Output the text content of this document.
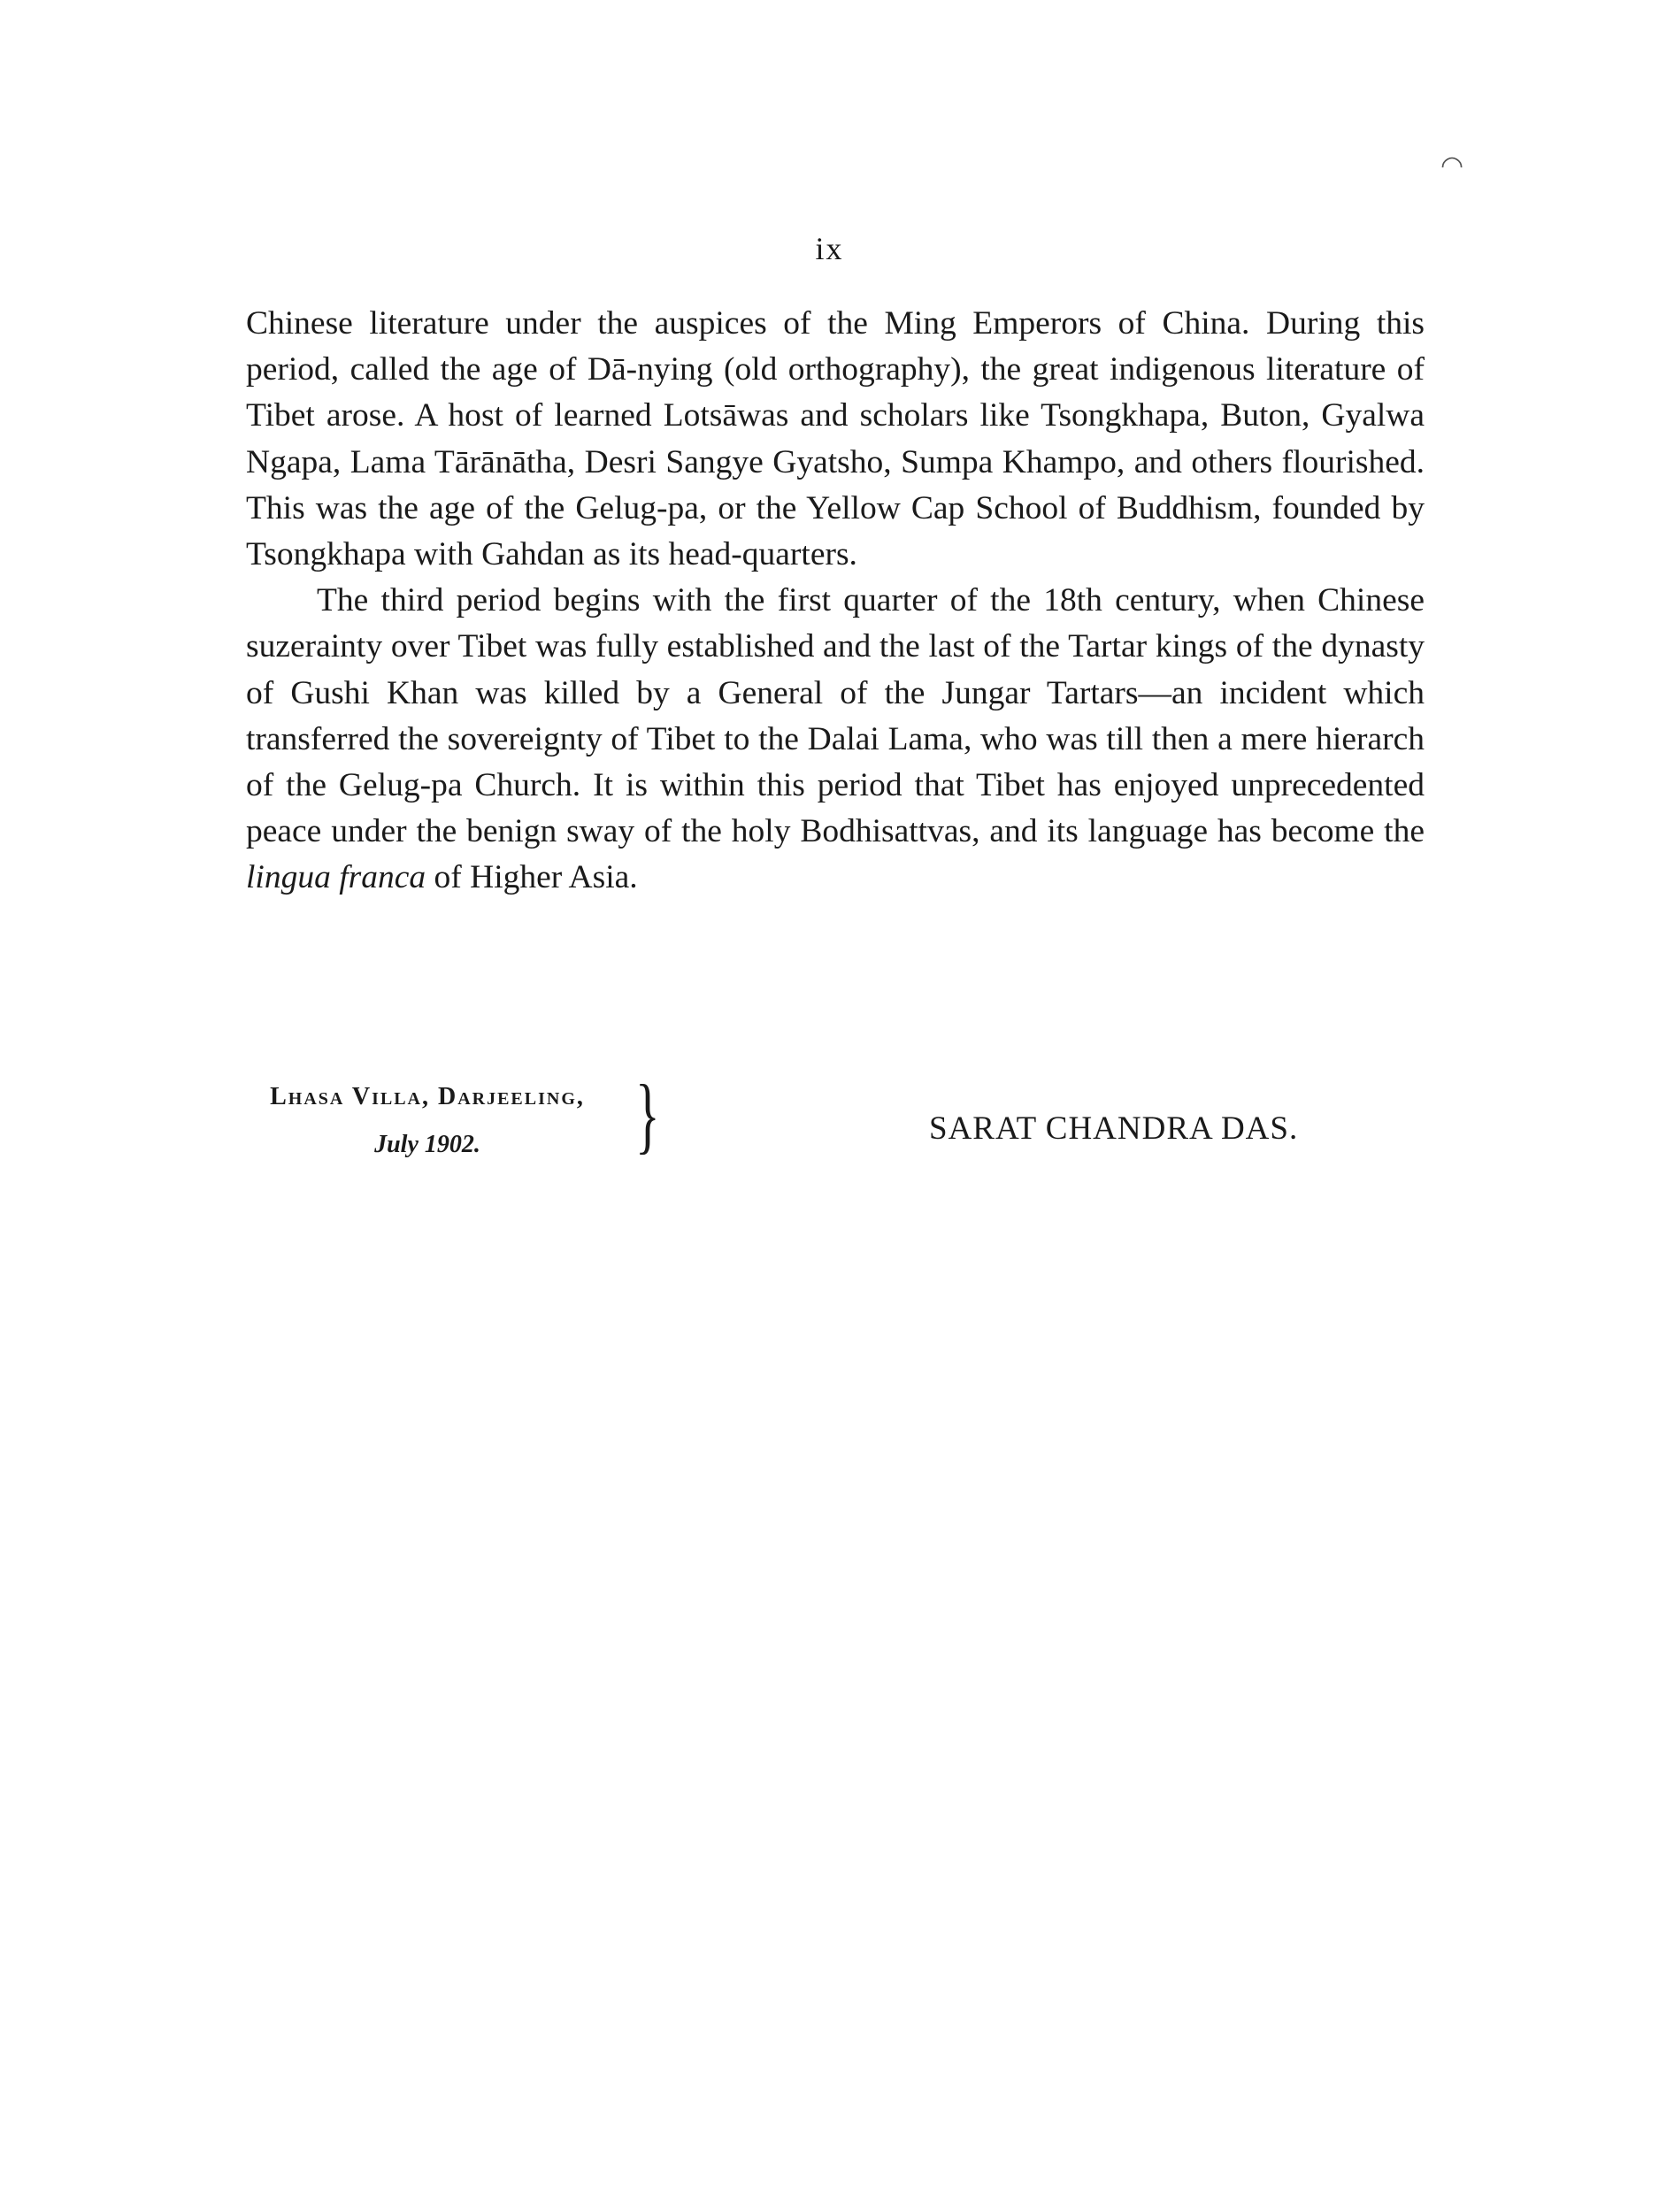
◠
ix

Chinese literature under the auspices of the Ming Emperors of China. During this period, called the age of Dā-nying (old orthography), the great indigenous literature of Tibet arose. A host of learned Lotsāwas and scholars like Tsongkhapa, Buton, Gyalwa Ngapa, Lama Tārānātha, Desri Sangye Gyatsho, Sumpa Khampo, and others flourished. This was the age of the Gelug-pa, or the Yellow Cap School of Buddhism, founded by Tsongkhapa with Gahdan as its head-quarters.

The third period begins with the first quarter of the 18th century, when Chinese suzerainty over Tibet was fully established and the last of the Tartar kings of the dynasty of Gushi Khan was killed by a General of the Jungar Tartars—an incident which transferred the sovereignty of Tibet to the Dalai Lama, who was till then a mere hierarch of the Gelug-pa Church. It is within this period that Tibet has enjoyed unprecedented peace under the benign sway of the holy Bodhisattvas, and its language has become the lingua franca of Higher Asia.

Lhasa Villa, Darjeeling,
July 1902.	}	SARAT CHANDRA DAS.
